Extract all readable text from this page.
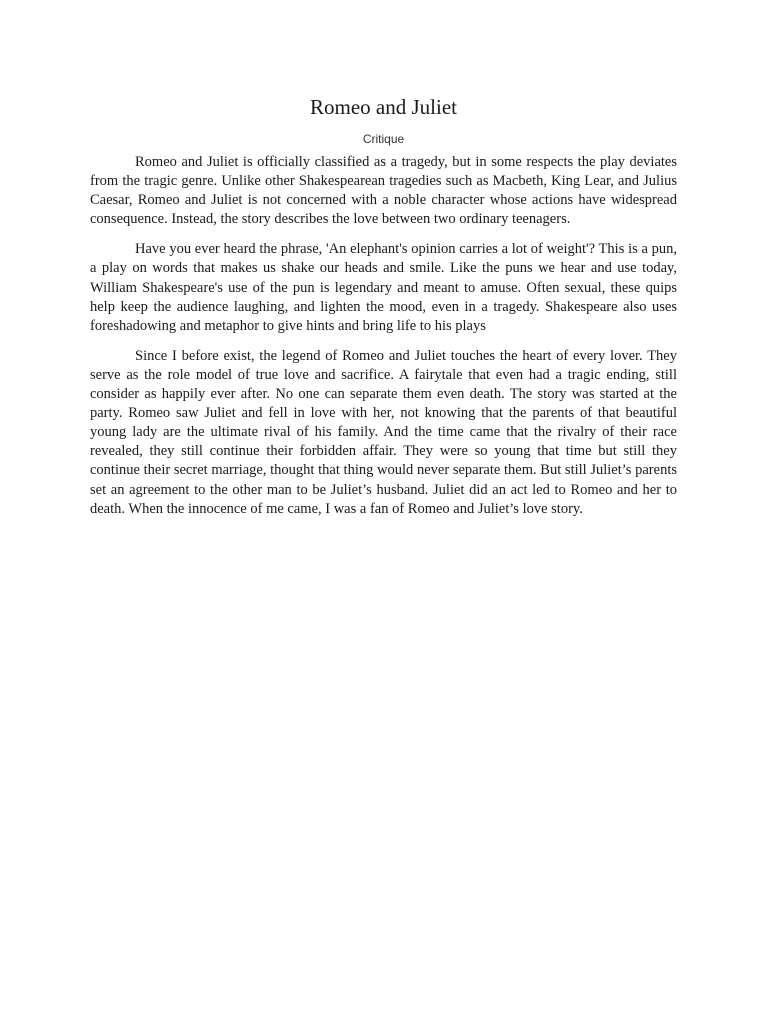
Romeo and Juliet
Critique

Romeo and Juliet is officially classified as a tragedy, but in some respects the play deviates from the tragic genre. Unlike other Shakespearean tragedies such as Macbeth, King Lear, and Julius Caesar, Romeo and Juliet is not concerned with a noble character whose actions have widespread consequence. Instead, the story describes the love between two ordinary teenagers.

Have you ever heard the phrase, 'An elephant's opinion carries a lot of weight'? This is a pun, a play on words that makes us shake our heads and smile. Like the puns we hear and use today, William Shakespeare's use of the pun is legendary and meant to amuse. Often sexual, these quips help keep the audience laughing, and lighten the mood, even in a tragedy. Shakespeare also uses foreshadowing and metaphor to give hints and bring life to his plays

Since I before exist, the legend of Romeo and Juliet touches the heart of every lover. They serve as the role model of true love and sacrifice. A fairytale that even had a tragic ending, still consider as happily ever after. No one can separate them even death. The story was started at the party. Romeo saw Juliet and fell in love with her, not knowing that the parents of that beautiful young lady are the ultimate rival of his family. And the time came that the rivalry of their race revealed, they still continue their forbidden affair. They were so young that time but still they continue their secret marriage, thought that thing would never separate them. But still Juliet’s parents set an agreement to the other man to be Juliet’s husband. Juliet did an act led to Romeo and her to death. When the innocence of me came, I was a fan of Romeo and Juliet’s love story.
